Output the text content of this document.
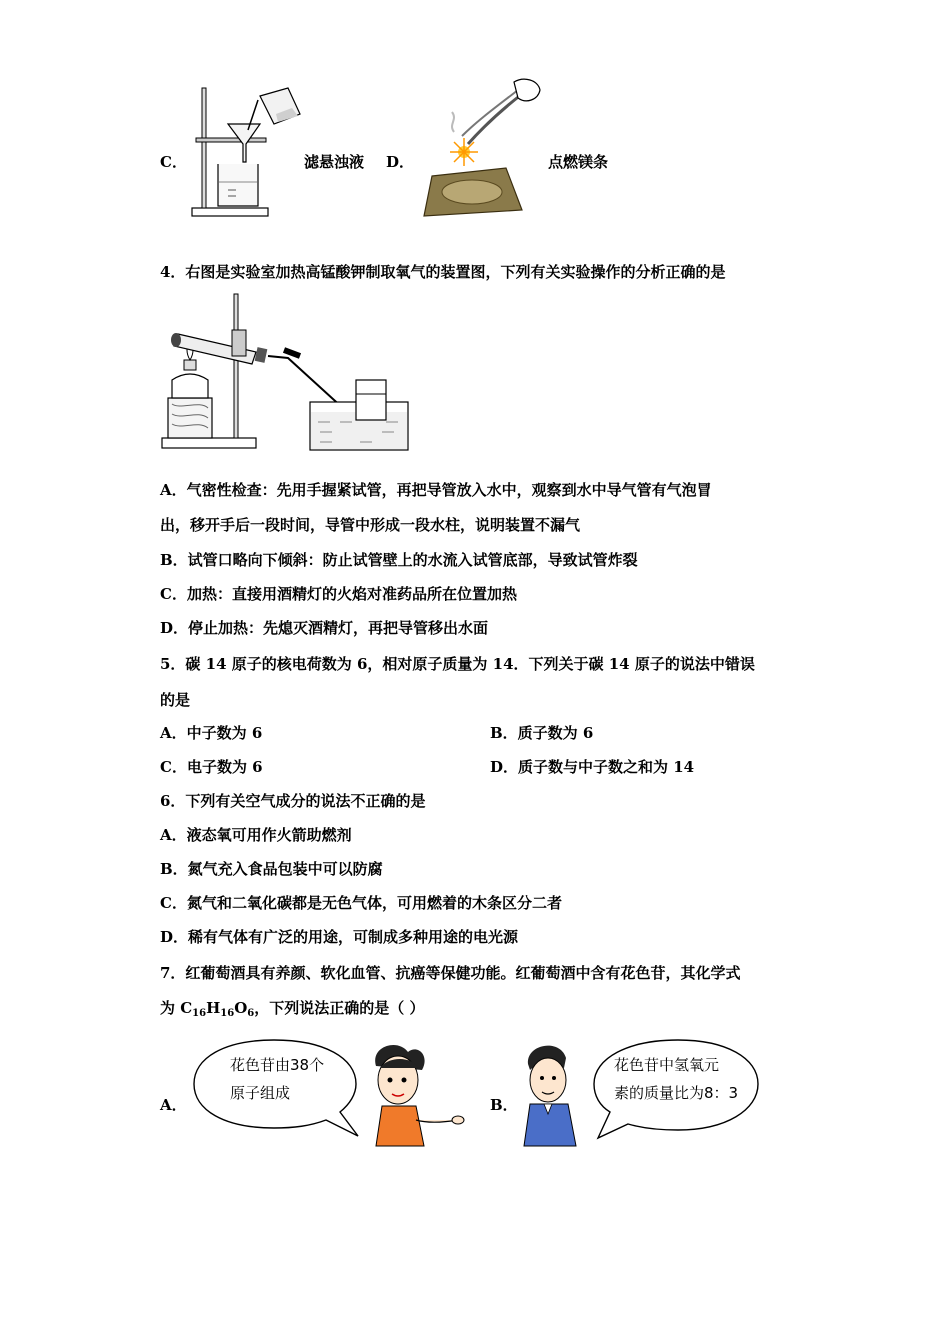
C．	滤悬浊液 D．	点燃镁条
4．右图是实验室加热高锰酸钾制取氧气的装置图，下列有关实验操作的分析正确的是
A．气密性检查：先用手握紧试管，再把导管放入水中，观察到水中导气管有气泡冒
出，移开手后一段时间，导管中形成一段水柱，说明装置不漏气
B．试管口略向下倾斜：防止试管壁上的水流入试管底部，导致试管炸裂
C．加热：直接用酒精灯的火焰对准药品所在位置加热
D．停止加热：先熄灭酒精灯，再把导管移出水面
5．碳 14 原子的核电荷数为 6，相对原子质量为 14．下列关于碳 14 原子的说法中错误
的是
A．中子数为 6	B．质子数为 6
C．电子数为 6	D．质子数与中子数之和为 14
6．下列有关空气成分的说法不正确的是
A．液态氧可用作火箭助燃剂
B．氮气充入食品包装中可以防腐
C．氮气和二氧化碳都是无色气体，可用燃着的木条区分二者
D．稀有气体有广泛的用途，可制成多种用途的电光源
7．红葡萄酒具有养颜、软化血管、抗癌等保健功能。红葡萄酒中含有花色苷，其化学式
为 $C_{16}H_{16}O_6$，下列说法正确的是（ ）
A．
花色苷由38个
原子组成
B．
花色苷中氢氧元
素的质量比为8：3
